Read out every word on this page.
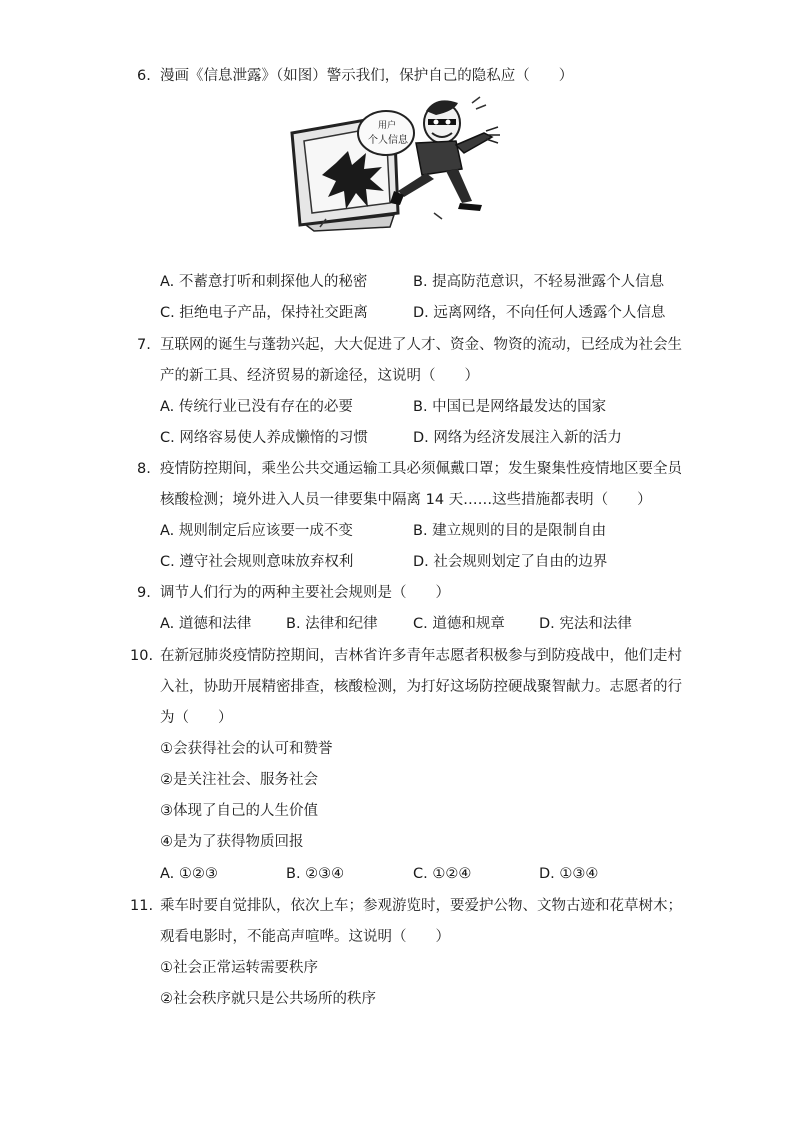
6. 漫画《信息泄露》（如图）警示我们，保护自己的隐私应（　　）
用户
个人信息
A. 不蓄意打听和刺探他人的秘密	B. 提高防范意识，不轻易泄露个人信息
C. 拒绝电子产品，保持社交距离	D. 远离网络，不向任何人透露个人信息
7. 互联网的诞生与蓬勃兴起，大大促进了人才、资金、物资的流动，已经成为社会生
产的新工具、经济贸易的新途径，这说明（　　）
A. 传统行业已没有存在的必要	B. 中国已是网络最发达的国家
C. 网络容易使人养成懒惰的习惯	D. 网络为经济发展注入新的活力
8. 疫情防控期间，乘坐公共交通运输工具必须佩戴口罩；发生聚集性疫情地区要全员
核酸检测；境外进入人员一律要集中隔离 14 天……这些措施都表明（　　）
A. 规则制定后应该要一成不变	B. 建立规则的目的是限制自由
C. 遵守社会规则意味放弃权利	D. 社会规则划定了自由的边界
9. 调节人们行为的两种主要社会规则是（　　）
A. 道德和法律 B. 法律和纪律 C. 道德和规章 D. 宪法和法律
10. 在新冠肺炎疫情防控期间，吉林省许多青年志愿者积极参与到防疫战中，他们走村
入社，协助开展精密排查，核酸检测，为打好这场防控硬战聚智献力。志愿者的行
为（　　）
①会获得社会的认可和赞誉
②是关注社会、服务社会
③体现了自己的人生价值
④是为了获得物质回报
A. ①②③	B. ②③④	C. ①②④	D. ①③④
11. 乘车时要自觉排队，依次上车；参观游览时，要爱护公物、文物古迹和花草树木；
观看电影时，不能高声喧哗。这说明（　　）
①社会正常运转需要秩序
②社会秩序就只是公共场所的秩序
